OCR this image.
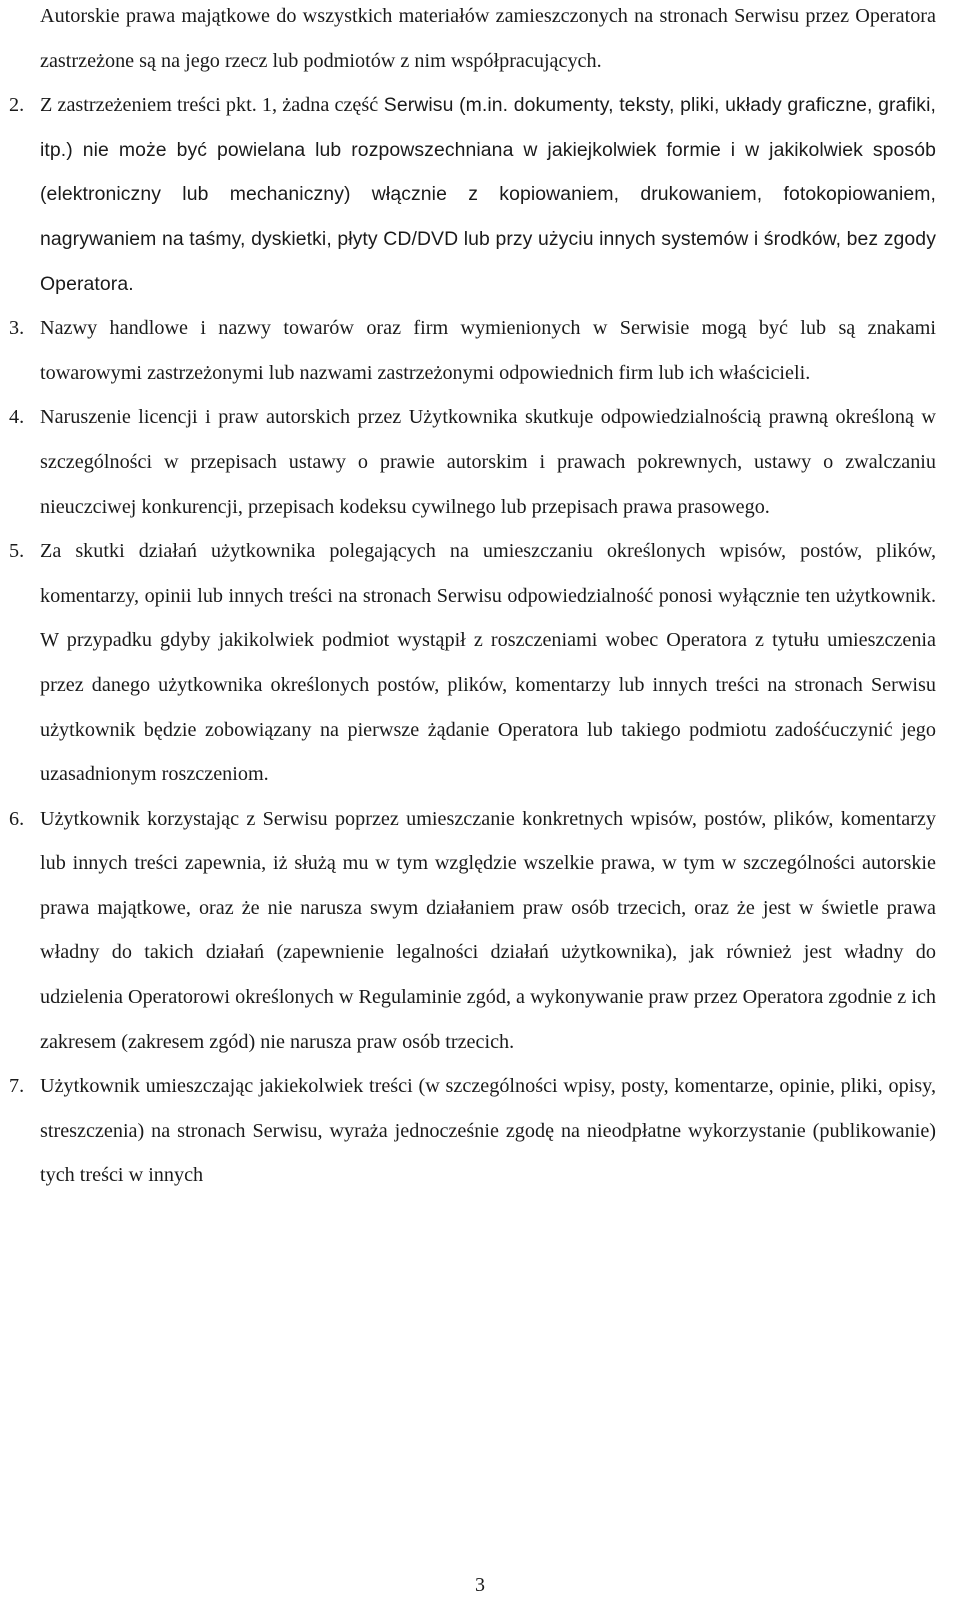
Autorskie prawa majątkowe do wszystkich materiałów zamieszczonych na stronach Serwisu przez Operatora zastrzeżone są na jego rzecz lub podmiotów z nim współpracujących.

2. Z zastrzeżeniem treści pkt. 1, żadna część Serwisu (m.in. dokumenty, teksty, pliki, układy graficzne, grafiki, itp.) nie może być powielana lub rozpowszechniana w jakiejkolwiek formie i w jakikolwiek sposób (elektroniczny lub mechaniczny) włącznie z kopiowaniem, drukowaniem, fotokopiowaniem, nagrywaniem na taśmy, dyskietki, płyty CD/DVD lub przy użyciu innych systemów i środków, bez zgody Operatora.

3. Nazwy handlowe i nazwy towarów oraz firm wymienionych w Serwisie mogą być lub są znakami towarowymi zastrzeżonymi lub nazwami zastrzeżonymi odpowiednich firm lub ich właścicieli.

4. Naruszenie licencji i praw autorskich przez Użytkownika skutkuje odpowiedzialnością prawną określoną w szczególności w przepisach ustawy o prawie autorskim i prawach pokrewnych, ustawy o zwalczaniu nieuczciwej konkurencji, przepisach kodeksu cywilnego lub przepisach prawa prasowego.

5. Za skutki działań użytkownika polegających na umieszczaniu określonych wpisów, postów, plików, komentarzy, opinii lub innych treści na stronach Serwisu odpowiedzialność ponosi wyłącznie ten użytkownik. W przypadku gdyby jakikolwiek podmiot wystąpił z roszczeniami wobec Operatora z tytułu umieszczenia przez danego użytkownika określonych postów, plików, komentarzy lub innych treści na stronach Serwisu użytkownik będzie zobowiązany na pierwsze żądanie Operatora lub takiego podmiotu zadośćuczynić jego uzasadnionym roszczeniom.

6. Użytkownik korzystając z Serwisu poprzez umieszczanie konkretnych wpisów, postów, plików, komentarzy lub innych treści zapewnia, iż służą mu w tym względzie wszelkie prawa, w tym w szczególności autorskie prawa majątkowe, oraz że nie narusza swym działaniem praw osób trzecich, oraz że jest w świetle prawa władny do takich działań (zapewnienie legalności działań użytkownika), jak również jest władny do udzielenia Operatorowi określonych w Regulaminie zgód, a wykonywanie praw przez Operatora zgodnie z ich zakresem (zakresem zgód) nie narusza praw osób trzecich.

7. Użytkownik umieszczając jakiekolwiek treści (w szczególności wpisy, posty, komentarze, opinie, pliki, opisy, streszczenia) na stronach Serwisu, wyraża jednocześnie zgodę na nieodpłatne wykorzystanie (publikowanie) tych treści w innych

3
